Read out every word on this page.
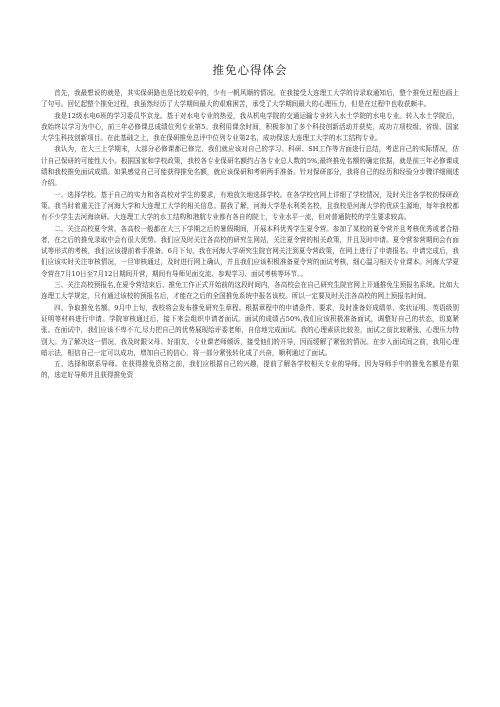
推免心得体会

首先，我最想说的就是，其实保研路也是比较艰辛的，少有一帆风顺的情况。在我接受大连理工大学的待录取通知后，整个推免过程也画上了句号。回忆起整个推免过程，我虽然经历了大学期间最大的艰难困苦，承受了大学期间最大的心理压力，但是在过程中也收获颇丰。

我是12级水电6班的学习委员毕京龙。基于对水电专业的热爱，我从机电学院的交通运输专业转入水土学院的水电专业。转入水土学院后，我始终以学习为中心，前三年必修课总成绩位列专业第5。我利用课余时间，积极参加了多个科技创新活动并获奖，成功立项校级、省级、国家大学生科技创新项目。在此基础之上，我在保研推免总评中位列专业第2名，成功保送大连理工大学的水工结构专业。

我认为，在大三上学期末，大部分必修课都已修完，我们就应该对自己的学习、科研、SH工作等方面进行总结，考虑自己的实际情况，估计自己保研的可能性大小。根据国家和学校政策，我校各专业保研名额约占各专业总人数的5%,最终推免名额的确定依据，就是前三年必修课成绩和我校推免面试成绩。如果感觉自己可能获得推免名额，就应该保研和考研两手准备。针对保研部分，我将自己的经历和经验分步骤详细阐述介绍。

一、选择学校。基于自己的实力和各高校对学生的要求，有地放矢地选择学校。在各学校官网上详细了学校情况，及时关注各学校的保研政策。我当时着重关注了河海大学和大连理工大学的相关信息。据我了解，河海大学是水利类名校，且我校是河海大学的优质生源地，每年我校都有不少学生去河海读研。大连理工大学的水工结构和港航专业都有各自的院士，专业水平一流，但对普通院校的学生要求较高。

二、关注高校夏令营。各高校一般都在大三下学期之后的暑假期间，开展本科优秀学生夏令营。参加了某校的夏令营并且考核优秀或者合格者，在之后的推免录取中会有很大优势。我们应及时关注各高校的研究生网站，关注夏令营的相关政策，并且及时申请。夏令营参营期间会有面试等形式的考核，我们应该提前着手准备。6月下旬，我在河海大学研究生院官网关注到夏令营政策，在网上进行了申请报名。申请完成后，我们应该实时关注审核情况，一旦审核通过，及时进行网上确认，并且我们应该积极准备夏令营的面试考核，细心温习相关专业课本。河海大学夏令营在7月10日至7月12日期间开营，期间有导师见面交流、参观学习、面试考核等环节。。

三、关注高校预报名,在夏令营结束后、推免工作正式开始前的这段时间内，各高校会在自己研究生院官网上开通推免生预报名系统。比如大连理工大学规定，只有通过该校的预报名后，才能在之后的全国推免系统中报名该校。所以一定要及时关注各高校的网上预报名时间。

四、争取推免名额。9月中上旬，我校将会发布推免研究生章程。根据章程中的申请条件、要求，及时准备好成绩单、奖状证明、英语级别证明等材料进行申请。学院审核通过后，接下来会组织申请者面试。面试的成绩占50%,我们应该积极准备面试，调整好自己的状态，切莫紧张。在面试中，我们应该不卑不亢,尽力把自己的优势展现给评委老师，自信地完成面试。我的心理素质比较差，面试之前比较紧张，心理压力特别大。为了解决这一情况，我及时跟父母、好朋友、专业课老师倾诉，接受他们的开导，因而缓解了紧张的情况。在步入面试间之前，我用心理暗示法，相信自己一定可以成功，增加自己的信心，将一部分紧张转化成了兴奋，顺利通过了面试。

五、选择和联系导师。在获得推免资格之前，我们应根据自己的兴趣，提前了解各学校相关专业的导师。因为导师手中的推免名额是有限的，选定好导师并且获得推免资
